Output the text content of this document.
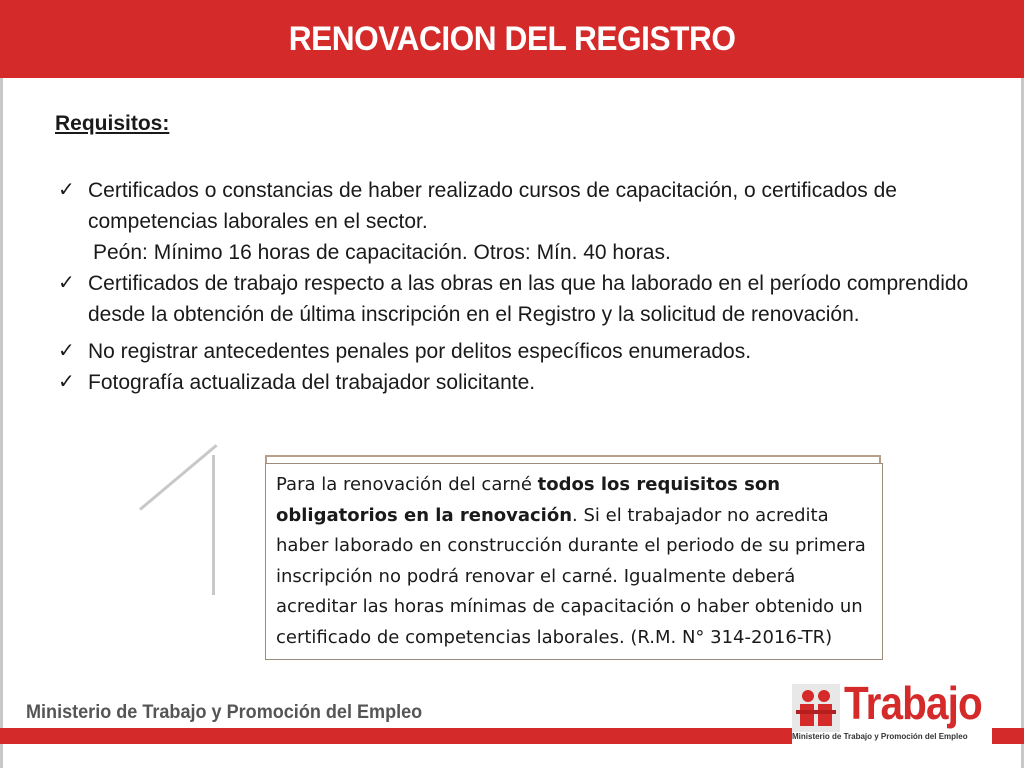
RENOVACION DEL REGISTRO

Requisitos:

✓ Certificados o constancias de haber realizado cursos de capacitación, o certificados de competencias laborales en el sector.
Peón: Mínimo 16 horas de capacitación. Otros: Mín. 40 horas.
✓ Certificados de trabajo respecto a las obras en las que ha laborado en el período comprendido desde la obtención de última inscripción en el Registro y la solicitud de renovación.
✓ No registrar antecedentes penales por delitos específicos enumerados.
✓ Fotografía actualizada del trabajador solicitante.
Para la renovación del carné todos los requisitos son obligatorios en la renovación. Si el trabajador no acredita haber laborado en construcción durante el periodo de su primera inscripción no podrá renovar el carné. Igualmente deberá acreditar las horas mínimas de capacitación o haber obtenido un certificado de competencias laborales. (R.M. N° 314-2016-TR)
Ministerio de Trabajo y Promoción del Empleo	Trabajo
Ministerio de Trabajo y Promoción del Empleo
